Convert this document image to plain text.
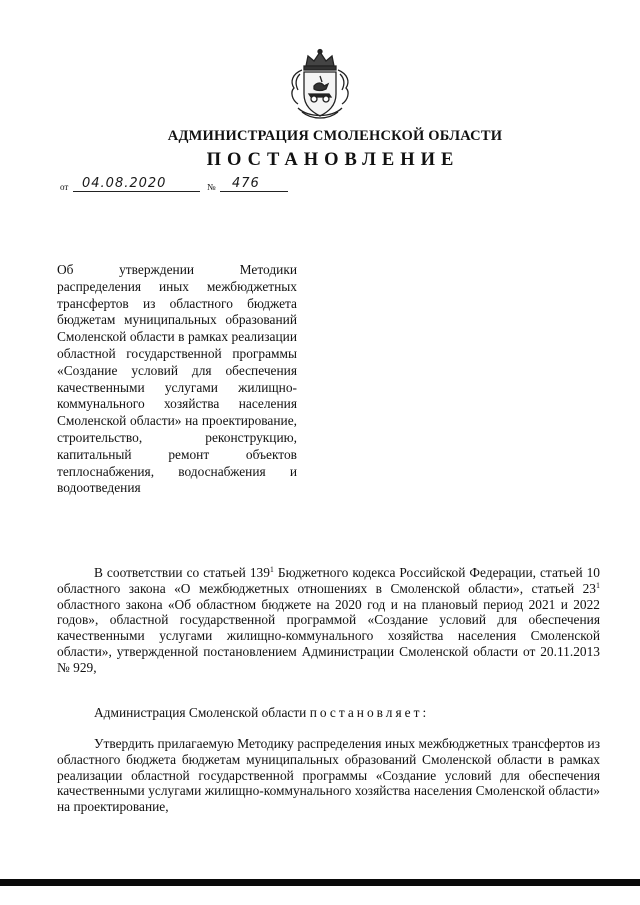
АДМИНИСТРАЦИЯ СМОЛЕНСКОЙ ОБЛАСТИ
ПОСТАНОВЛЕНИЕ
от 04.08.2020	№ 476
Об утверждении Методики распределения иных межбюджетных трансфертов из областного бюджета бюджетам муниципальных образований Смоленской области в рамках реализации областной государственной программы «Создание условий для обеспечения качественными услугами жилищно-коммунального хозяйства населения Смоленской области» на проектирование, строительство, реконструкцию, капитальный ремонт объектов теплоснабжения, водоснабжения и водоотведения
В соответствии со статьей $139^1$ Бюджетного кодекса Российской Федерации, статьей 10 областного закона «О межбюджетных отношениях в Смоленской области», статьей $23^1$ областного закона «Об областном бюджете на 2020 год и на плановый период 2021 и 2022 годов», областной государственной программой «Создание условий для обеспечения качественными услугами жилищно-коммунального хозяйства населения Смоленской области», утвержденной постановлением Администрации Смоленской области от 20.11.2013 № 929,
Администрация Смоленской области постановляет:
Утвердить прилагаемую Методику распределения иных межбюджетных трансфертов из областного бюджета бюджетам муниципальных образований Смоленской области в рамках реализации областной государственной программы «Создание условий для обеспечения качественными услугами жилищно-коммунального хозяйства населения Смоленской области» на проектирование,
